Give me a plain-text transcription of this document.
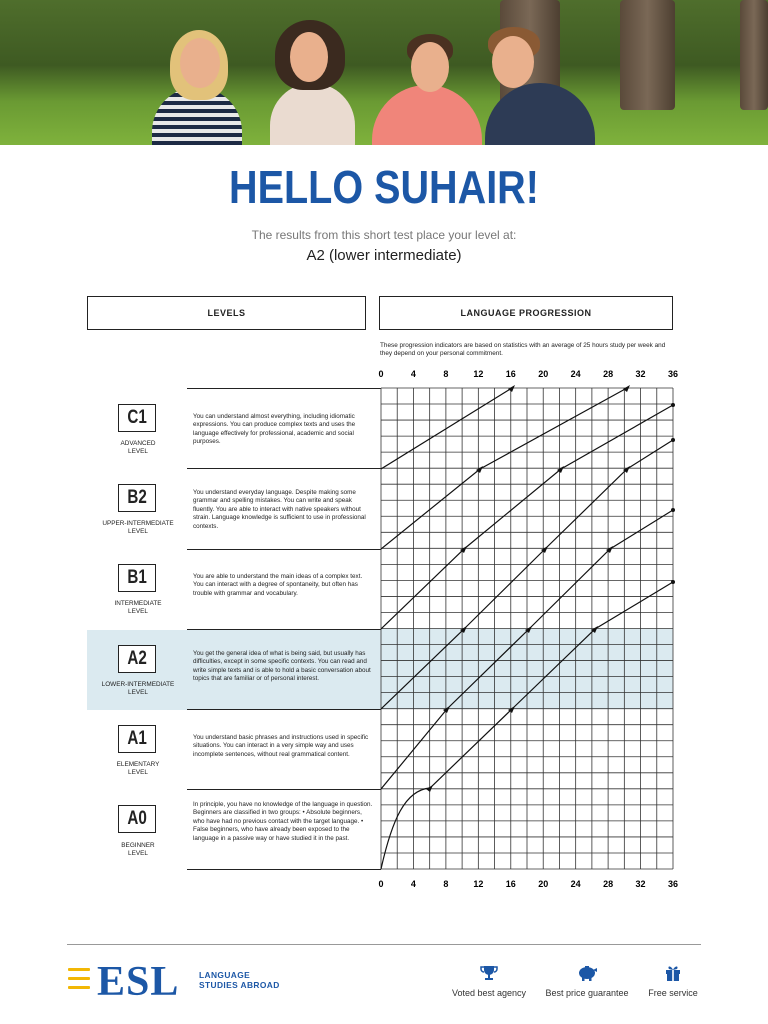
HELLO SUHAIR!
The results from this short test place your level at:
A2 (lower intermediate)
LEVELS	LANGUAGE PROGRESSION
These progression indicators are based on statistics with an average of 25 hours study per week and they depend on your personal commitment.
C1
ADVANCED
LEVEL
You can understand almost everything, including idiomatic expressions. You can produce complex texts and uses the language effectively for professional, academic and social purposes.
B2
UPPER-INTERMEDIATE
LEVEL
You understand everyday language. Despite making some grammar and spelling mistakes. You can write and speak fluently. You are able to interact with native speakers without strain. Language knowledge is sufficient to use in professional contexts.
B1
INTERMEDIATE
LEVEL
You are able to understand the main ideas of a complex text. You can interact with a degree of spontaneity, but often has trouble with grammar and vocabulary.
A2
LOWER-INTERMEDIATE
LEVEL
You get the general idea of what is being said, but usually has difficulties, except in some specific contexts. You can read and write simple texts and is able to hold a basic conversation about topics that are familiar or of personal interest.
A1
ELEMENTARY
LEVEL
You understand basic phrases and instructions used in specific situations. You can interact in a very simple way and uses incomplete sentences, without real grammatical content.
A0
BEGINNER
LEVEL
In principle, you have no knowledge of the language in question. Beginners are classified in two groups: • Absolute beginners, who have had no previous contact with the target language. • False beginners, who have already been exposed to the language in a passive way or have studied it in the past.
0	4	8	12 16 20 24 28 32 36
0	4	8	12 16 20 24 28 32 36
ESL LANGUAGE
STUDIES ABROAD
Voted best agency	Best price guarantee	Free service
